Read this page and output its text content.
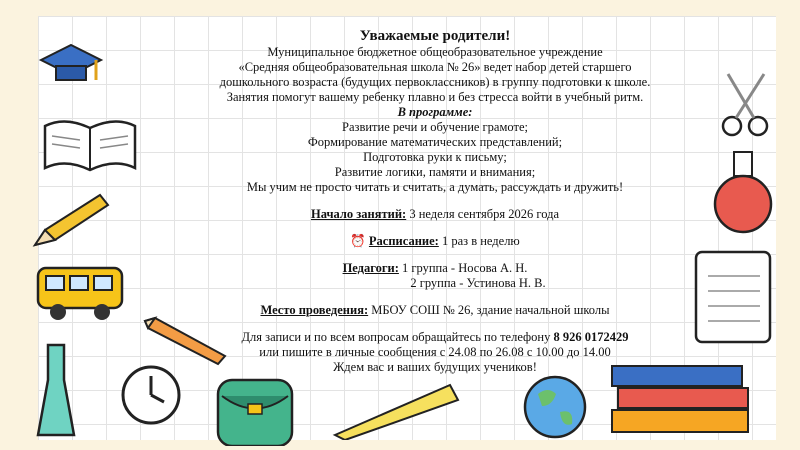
Уважаемые родители!
Муниципальное бюджетное общеобразовательное учреждение
«Средняя общеобразовательная школа № 26» ведет набор детей старшего
дошкольного возраста (будущих первоклассников) в группу подготовки к школе.
Занятия помогут вашему ребенку плавно и без стресса войти в учебный ритм.
В программе:
Развитие речи и обучение грамоте;
Формирование математических представлений;
Подготовка руки к письму;
Развитие логики, памяти и внимания;
Мы учим не просто читать и считать, а думать, рассуждать и дружить!
Начало занятий: 3 неделя сентября 2026 года
⏰ Расписание: 1 раз в неделю
Педагоги: 1 группа - Носова А. Н.
2 группа - Устинова Н. В.
Место проведения: МБОУ СОШ № 26, здание начальной школы
Для записи и по всем вопросам обращайтесь по телефону 8 926 0172429
или пишите в личные сообщения с 24.08 по 26.08 с 10.00 до 14.00
Ждем вас и ваших будущих учеников!
